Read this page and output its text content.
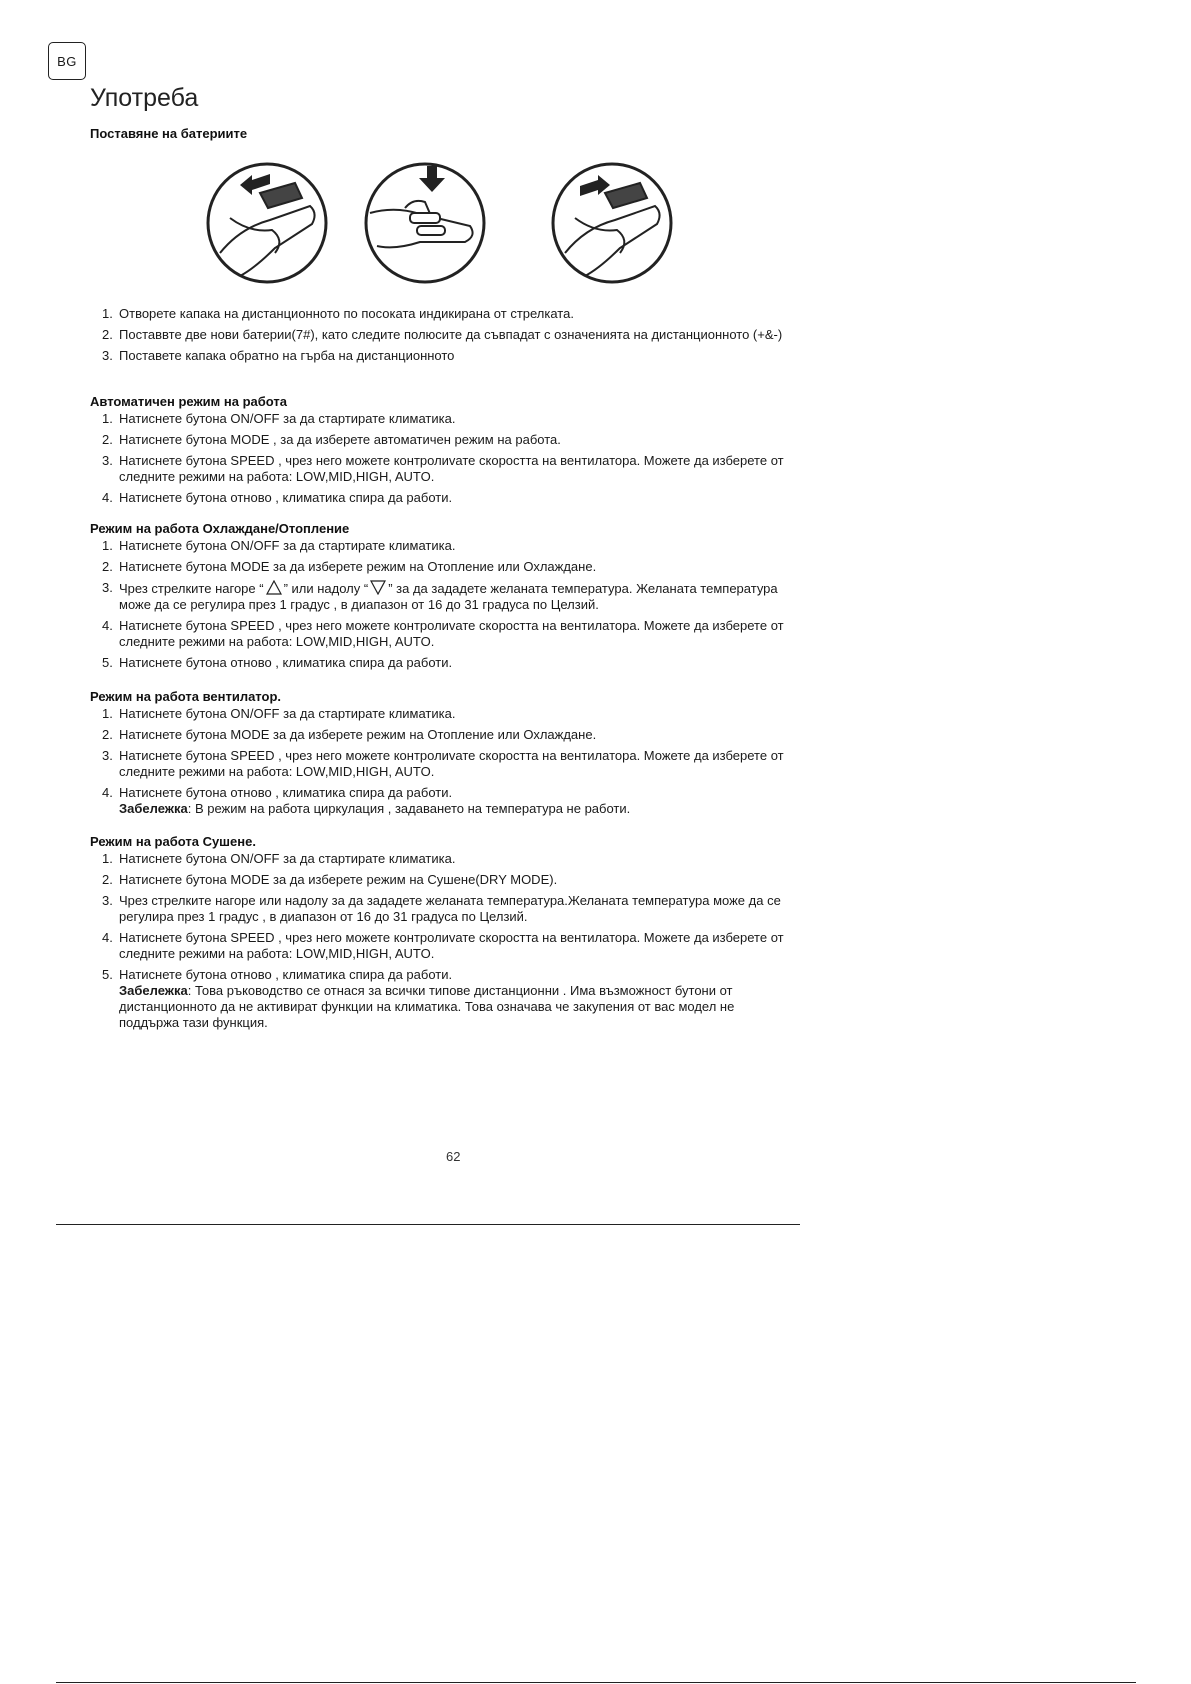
BG
Употреба
Поставяне на батериите
1. Отворете капака на дистанционното по посоката индикирана от стрелката.
2. Поставвте две нови батерии(7#), като следите полюсите да съвпадат с означенията на дистанционното (+&-)
3. Поставете капака обратно на гърба на дистанционното
Автоматичен режим на работа
1. Натиснете бутона ON/OFF за да стартирате климатика.
2. Натиснете бутона MODE , за да изберете автоматичен режим на работа.
3. Натиснете бутона SPEED , чрез него можете контролиvате скоростта на вентилатора. Можете да изберете от следните режими на работа: LOW,MID,HIGH, AUTO.
4. Натиснете бутона отново , климатика спира да работи.
Режим на работа Охлаждане/Отопление
1. Натиснете бутона ON/OFF за да стартирате климатика.
2. Натиснете бутона MODE за да изберете режим на Отопление или Охлаждане.
3. Чрез стрелките нагоре “ ” или надолу “ ” за да зададете желаната температура. Желаната температура може да се регулира през 1 градус , в диапазон от 16 до 31 градуса по Целзий.
4. Натиснете бутона SPEED , чрез него можете контролиvате скоростта на вентилатора. Можете да изберете от следните режими на работа: LOW,MID,HIGH, AUTO.
5. Натиснете бутона отново , климатика спира да работи.
Режим на работа вентилатор.
1. Натиснете бутона ON/OFF за да стартирате климатика.
2. Натиснете бутона MODE за да изберете режим на Отопление или Охлаждане.
3. Натиснете бутона SPEED , чрез него можете контролиvате скоростта на вентилатора. Можете да изберете от следните режими на работа: LOW,MID,HIGH, AUTO.
4. Натиснете бутона отново , климатика спира да работи.
Забележка: В режим на работа циркулация , задаването на температура не работи.
Режим на работа Сушене.
1. Натиснете бутона ON/OFF за да стартирате климатика.
2. Натиснете бутона MODE за да изберете режим на Сушене(DRY MODE).
3. Чрез стрелките нагоре или надолу за да зададете желаната температура.Желаната температура може да се регулира през 1 градус , в диапазон от 16 до 31 градуса по Целзий.
4. Натиснете бутона SPEED , чрез него можете контролиvате скоростта на вентилатора. Можете да изберете от следните режими на работа: LOW,MID,HIGH, AUTO.
5. Натиснете бутона отново , климатика спира да работи.
Забележка: Това ръководство се отнася за всички типове дистанционни . Има възможност бутони от дистанционното да не активират функции на климатика. Това означава че закупения от вас модел не поддържа тази функция.
62
